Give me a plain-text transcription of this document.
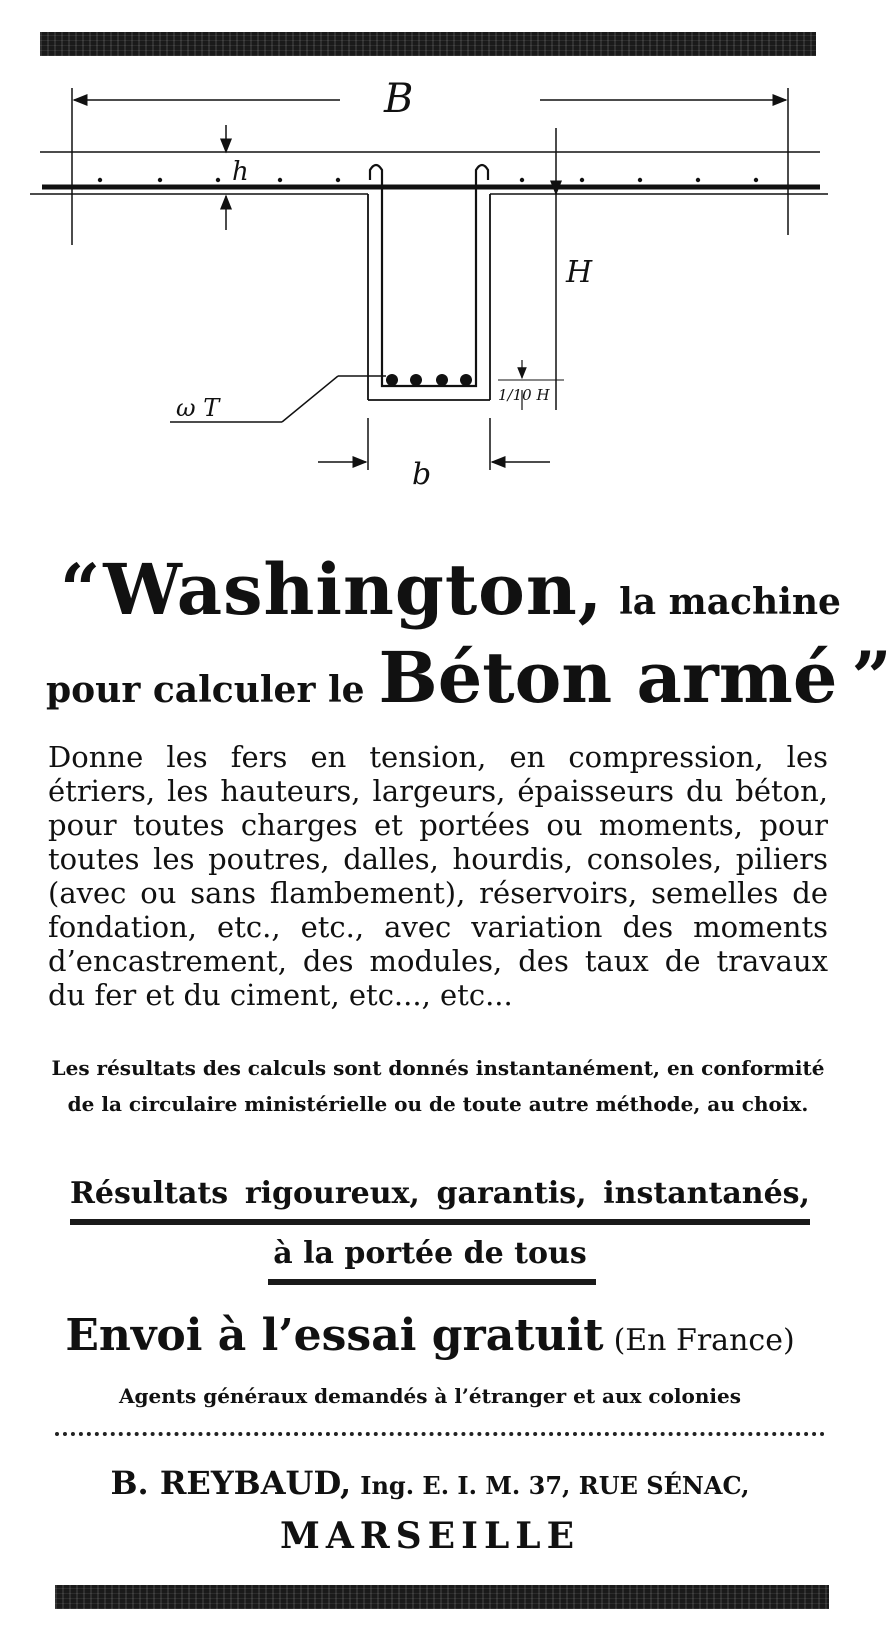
B
h
H
1/10 H
ω T
b
“Washington, la machine
pour calculer le Béton armé ”
Donne les fers en tension, en compression, les étriers, les hauteurs, largeurs, épaisseurs du béton, pour toutes charges et portées ou moments, pour toutes les poutres, dalles, hourdis, consoles, piliers (avec ou sans flambement), réservoirs, semelles de fondation, etc., etc., avec variation des moments d’encastrement, des modules, des taux de travaux du fer et du ciment, etc..., etc...
Les résultats des calculs sont donnés instantanément, en conformité de la circulaire ministérielle ou de toute autre méthode, au choix.
Résultats rigoureux, garantis, instantanés,
à la portée de tous
Envoi à l’essai gratuit (En France)
Agents généraux demandés à l’étranger et aux colonies
B. REYBAUD, Ing. E. I. M. 37, RUE SÉNAC,
MARSEILLE
